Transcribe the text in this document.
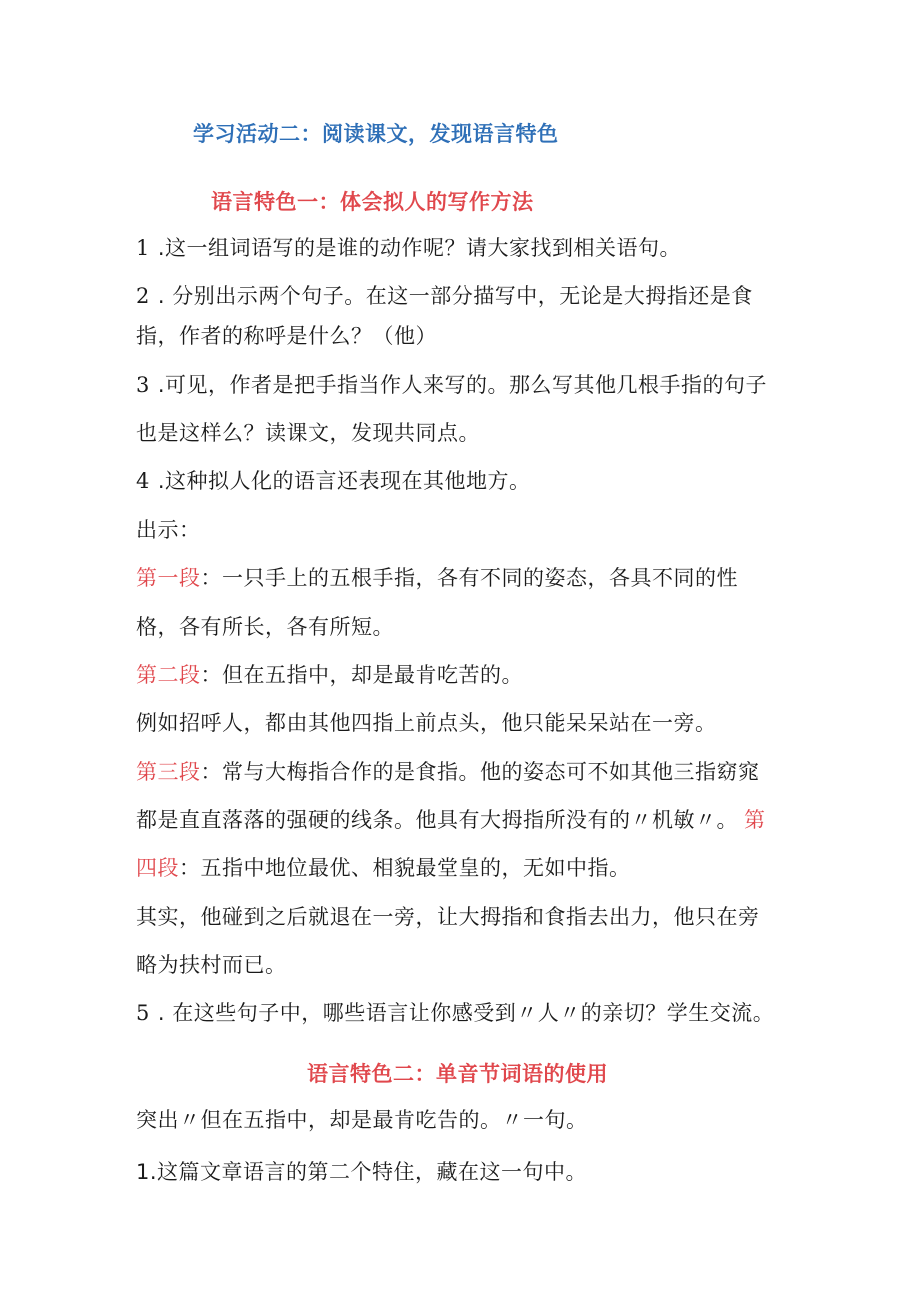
学习活动二：阅读课文，发现语言特色
语言特色一：体会拟人的写作方法
1 .这一组词语写的是谁的动作呢？请大家找到相关语句。
2 . 分别出示两个句子。在这一部分描写中，无论是大拇指还是食
指，作者的称呼是什么？（他）
3 .可见，作者是把手指当作人来写的。那么写其他几根手指的句子
也是这样么？读课文，发现共同点。
4 .这种拟人化的语言还表现在其他地方。
出示：
第一段：一只手上的五根手指，各有不同的姿态，各具不同的性
格，各有所长，各有所短。
第二段：但在五指中，却是最肯吃苦的。
例如招呼人，都由其他四指上前点头，他只能呆呆站在一旁。
第三段：常与大梅指合作的是食指。他的姿态可不如其他三指窈窕
都是直直落落的强硬的线条。他具有大拇指所没有的〃机敏〃。 第
四段：五指中地位最优、相貌最堂皇的，无如中指。
其实，他碰到之后就退在一旁，让大拇指和食指去出力，他只在旁
略为扶村而已。
5 . 在这些句子中，哪些语言让你感受到〃人〃的亲切？学生交流。
语言特色二：单音节词语的使用
突出〃但在五指中，却是最肯吃告的。〃一句。
1.这篇文章语言的第二个特住，藏在这一句中。
